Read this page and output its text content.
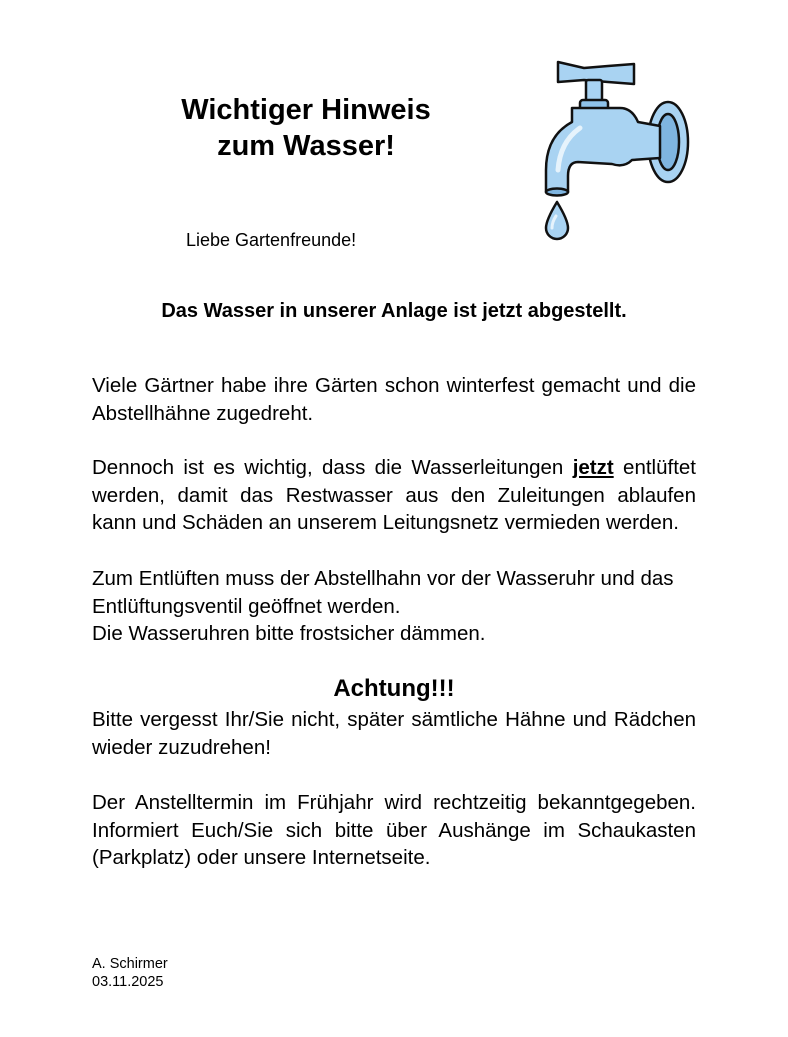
Wichtiger Hinweis
zum Wasser!
Liebe Gartenfreunde!
Das Wasser in unserer Anlage ist jetzt abgestellt.

Viele Gärtner habe ihre Gärten schon winterfest gemacht und die Abstellhähne zugedreht.

Dennoch ist es wichtig, dass die Wasserleitungen jetzt entlüftet werden, damit das Restwasser aus den Zuleitungen ablaufen kann und Schäden an unserem Leitungsnetz vermieden werden.

Zum Entlüften muss der Abstellhahn vor der Wasseruhr und das Entlüftungsventil geöffnet werden.
Die Wasseruhren bitte frostsicher dämmen.

Achtung!!!

Bitte vergesst Ihr/Sie nicht, später sämtliche Hähne und Rädchen wieder zuzudrehen!

Der Anstelltermin im Frühjahr wird rechtzeitig bekanntgegeben. Informiert Euch/Sie sich bitte über Aushänge im Schaukasten (Parkplatz) oder unsere Internetseite.

A. Schirmer
03.11.2025
